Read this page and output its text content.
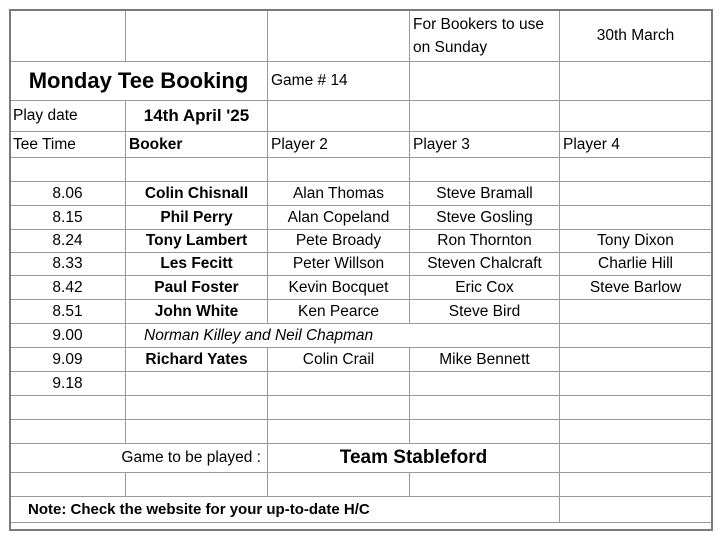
			For Bookers to use on Sunday	30th March
Monday Tee Booking		Game # 14		
Play date	14th April '25			
Tee Time	Booker	Player 2	Player 3	Player 4

8.06	Colin Chisnall	Alan Thomas	Steve Bramall	
8.15	Phil Perry	Alan Copeland	Steve Gosling	
8.24	Tony Lambert	Pete Broady	Ron Thornton	Tony Dixon
8.33	Les Fecitt	Peter Willson	Steven Chalcraft	Charlie Hill
8.42	Paul Foster	Kevin Bocquet	Eric Cox	Steve Barlow
8.51	John White	Ken Pearce	Steve Bird	
9.00	Norman Killey and Neil Chapman			
9.09	Richard Yates	Colin Crail	Mike Bennett	
9.18				

Game to be played :		Team Stableford		

Note: Check the website for your up-to-date H/C				
